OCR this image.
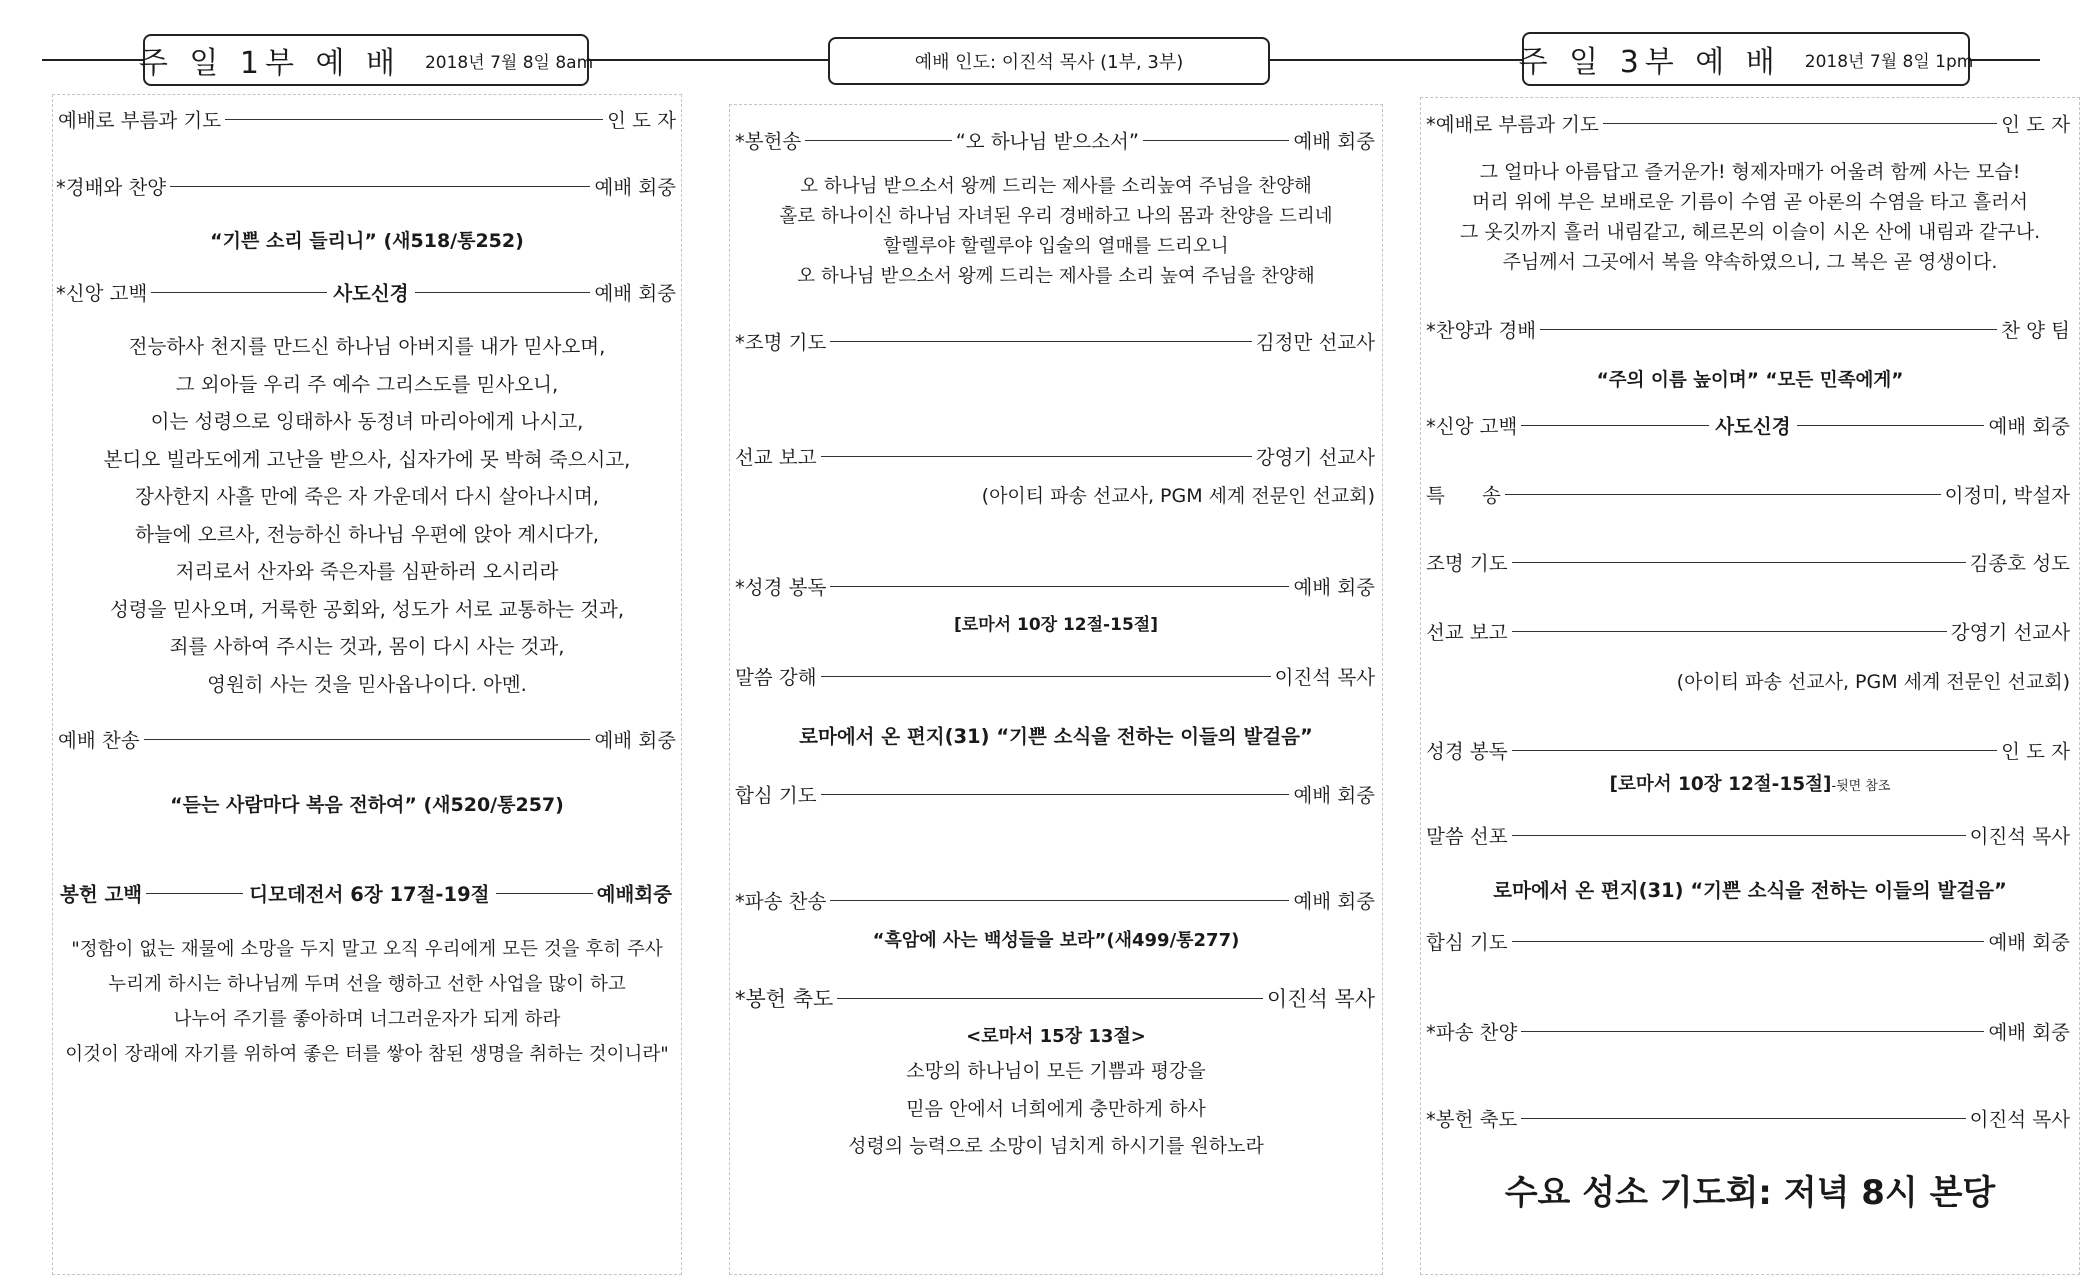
주 일 1부 예 배 2018년 7월 8일 8am	예배 인도: 이진석 목사 (1부, 3부)	주 일 3부 예 배 2018년 7월 8일 1pm
예배로 부름과 기도	인 도 자
*경배와 찬양	예배 회중
“기쁜 소리 들리니” (새518/통252)
*신앙 고백	사도신경	예배 회중
전능하사 천지를 만드신 하나님 아버지를 내가 믿사오며,
그 외아들 우리 주 예수 그리스도를 믿사오니,
이는 성령으로 잉태하사 동정녀 마리아에게 나시고,
본디오 빌라도에게 고난을 받으사, 십자가에 못 박혀 죽으시고,
장사한지 사흘 만에 죽은 자 가운데서 다시 살아나시며,
하늘에 오르사, 전능하신 하나님 우편에 앉아 계시다가,
저리로서 산자와 죽은자를 심판하러 오시리라
성령을 믿사오며, 거룩한 공회와, 성도가 서로 교통하는 것과,
죄를 사하여 주시는 것과, 몸이 다시 사는 것과,
영원히 사는 것을 믿사옵나이다. 아멘.
예배 찬송	예배 회중
“듣는 사람마다 복음 전하여” (새520/통257)
봉헌 고백	디모데전서 6장 17절-19절	예배회중
"정함이 없는 재물에 소망을 두지 말고 오직 우리에게 모든 것을 후히 주사
누리게 하시는 하나님께 두며 선을 행하고 선한 사업을 많이 하고
나누어 주기를 좋아하며 너그러운자가 되게 하라
이것이 장래에 자기를 위하여 좋은 터를 쌓아 참된 생명을 취하는 것이니라"
*봉헌송	“오 하나님 받으소서”	예배 회중
오 하나님 받으소서 왕께 드리는 제사를 소리높여 주님을 찬양해
홀로 하나이신 하나님 자녀된 우리 경배하고 나의 몸과 찬양을 드리네
할렐루야 할렐루야 입술의 열매를 드리오니
오 하나님 받으소서 왕께 드리는 제사를 소리 높여 주님을 찬양해
*조명 기도	김정만 선교사
선교 보고	강영기 선교사
(아이티 파송 선교사, PGM 세계 전문인 선교회)
*성경 봉독	예배 회중
[로마서 10장 12절-15절]
말씀 강해	이진석 목사
로마에서 온 편지(31) “기쁜 소식을 전하는 이들의 발걸음”
합심 기도	예배 회중
*파송 찬송	예배 회중
“흑암에 사는 백성들을 보라”(새499/통277)
*봉헌 축도	이진석 목사
<로마서 15장 13절>
소망의 하나님이 모든 기쁨과 평강을
믿음 안에서 너희에게 충만하게 하사
성령의 능력으로 소망이 넘치게 하시기를 원하노라
*예배로 부름과 기도	인 도 자
그 얼마나 아름답고 즐거운가! 형제자매가 어울려 함께 사는 모습!
머리 위에 부은 보배로운 기름이 수염 곧 아론의 수염을 타고 흘러서
그 옷깃까지 흘러 내림같고, 헤르몬의 이슬이 시온 산에 내림과 같구나.
주님께서 그곳에서 복을 약속하였으니, 그 복은 곧 영생이다.
*찬양과 경배	찬 양 팀
“주의 이름 높이며” “모든 민족에게”
*신앙 고백	사도신경	예배 회중
특      송	이정미, 박설자
조명 기도	김종호 성도
선교 보고	강영기 선교사
(아이티 파송 선교사, PGM 세계 전문인 선교회)
성경 봉독	인 도 자
[로마서 10장 12절-15절]-뒷면 참조
말씀 선포	이진석 목사
로마에서 온 편지(31) “기쁜 소식을 전하는 이들의 발걸음”
합심 기도	예배 회중
*파송 찬양	예배 회중
*봉헌 축도	이진석 목사
수요 성소 기도회: 저녁 8시 본당
